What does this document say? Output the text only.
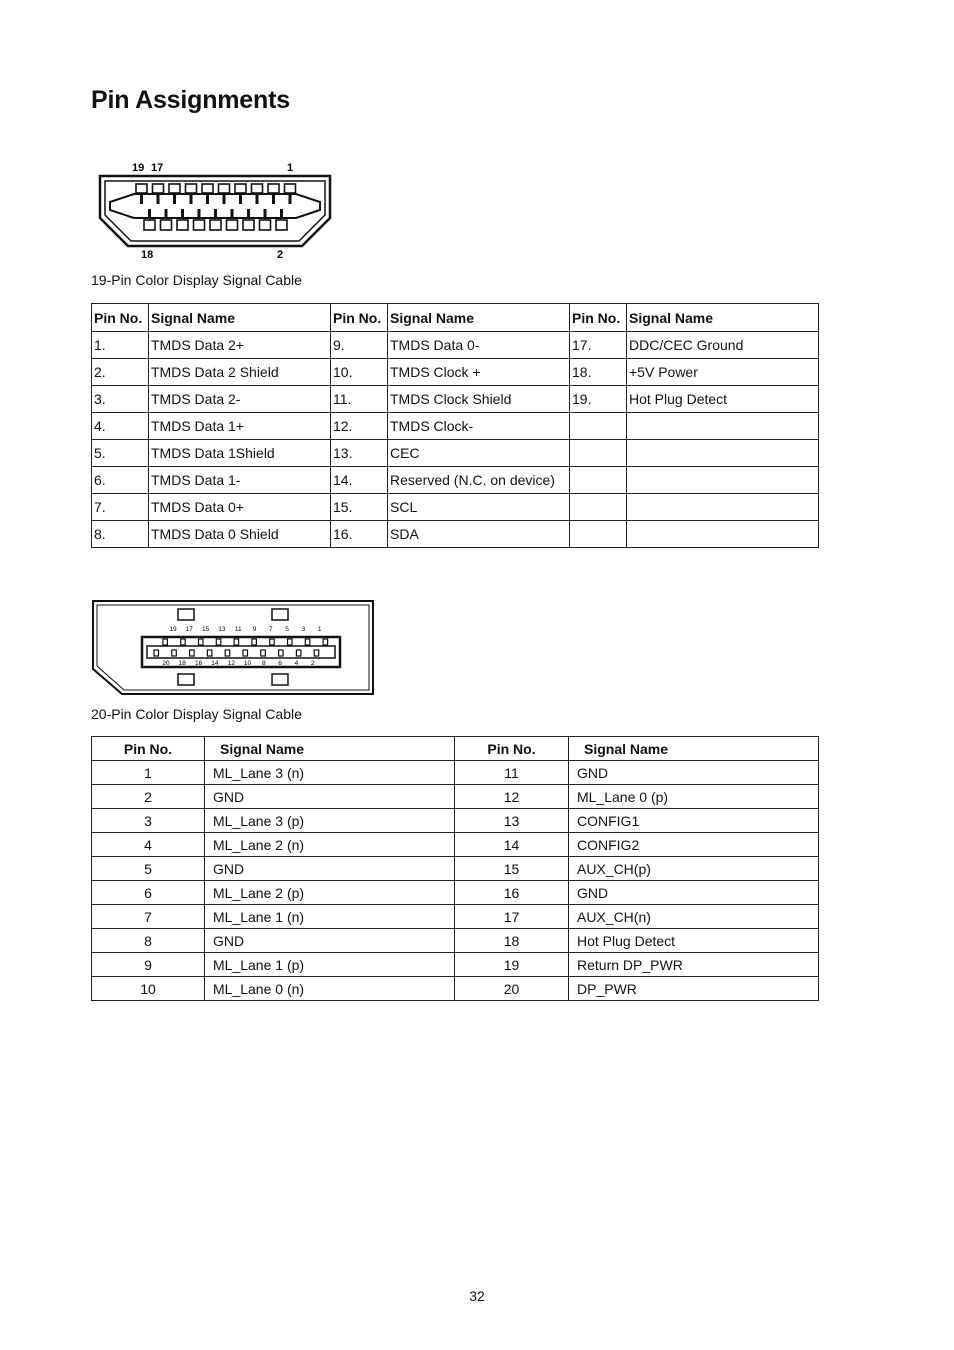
Pin Assignments
19 17	1
18	2
19-Pin Color Display Signal Cable
Pin No.	Signal Name	Pin No.	Signal Name	Pin No.	Signal Name
1.	TMDS Data 2+	9.	TMDS Data 0-	17.	DDC/CEC Ground
2.	TMDS Data 2 Shield	10.	TMDS Clock +	18.	+5V Power
3.	TMDS Data 2-	11.	TMDS Clock Shield	19.	Hot Plug Detect
4.	TMDS Data 1+	12.	TMDS Clock-		
5.	TMDS Data 1Shield	13.	CEC		
6.	TMDS Data 1-	14.	Reserved (N.C. on device)		
7.	TMDS Data 0+	15.	SCL		
8.	TMDS Data 0 Shield	16.	SDA		
19 17 15 13 11 9 7 5 3 1
20 18 16 14 12 10 8 6 4 2
20-Pin Color Display Signal Cable
Pin No.	Signal Name	Pin No.	Signal Name
1	ML_Lane 3 (n)	11	GND
2	GND	12	ML_Lane 0 (p)
3	ML_Lane 3 (p)	13	CONFIG1
4	ML_Lane 2 (n)	14	CONFIG2
5	GND	15	AUX_CH(p)
6	ML_Lane 2 (p)	16	GND
7	ML_Lane 1 (n)	17	AUX_CH(n)
8	GND	18	Hot Plug Detect
9	ML_Lane 1 (p)	19	Return DP_PWR
10	ML_Lane 0 (n)	20	DP_PWR
32
